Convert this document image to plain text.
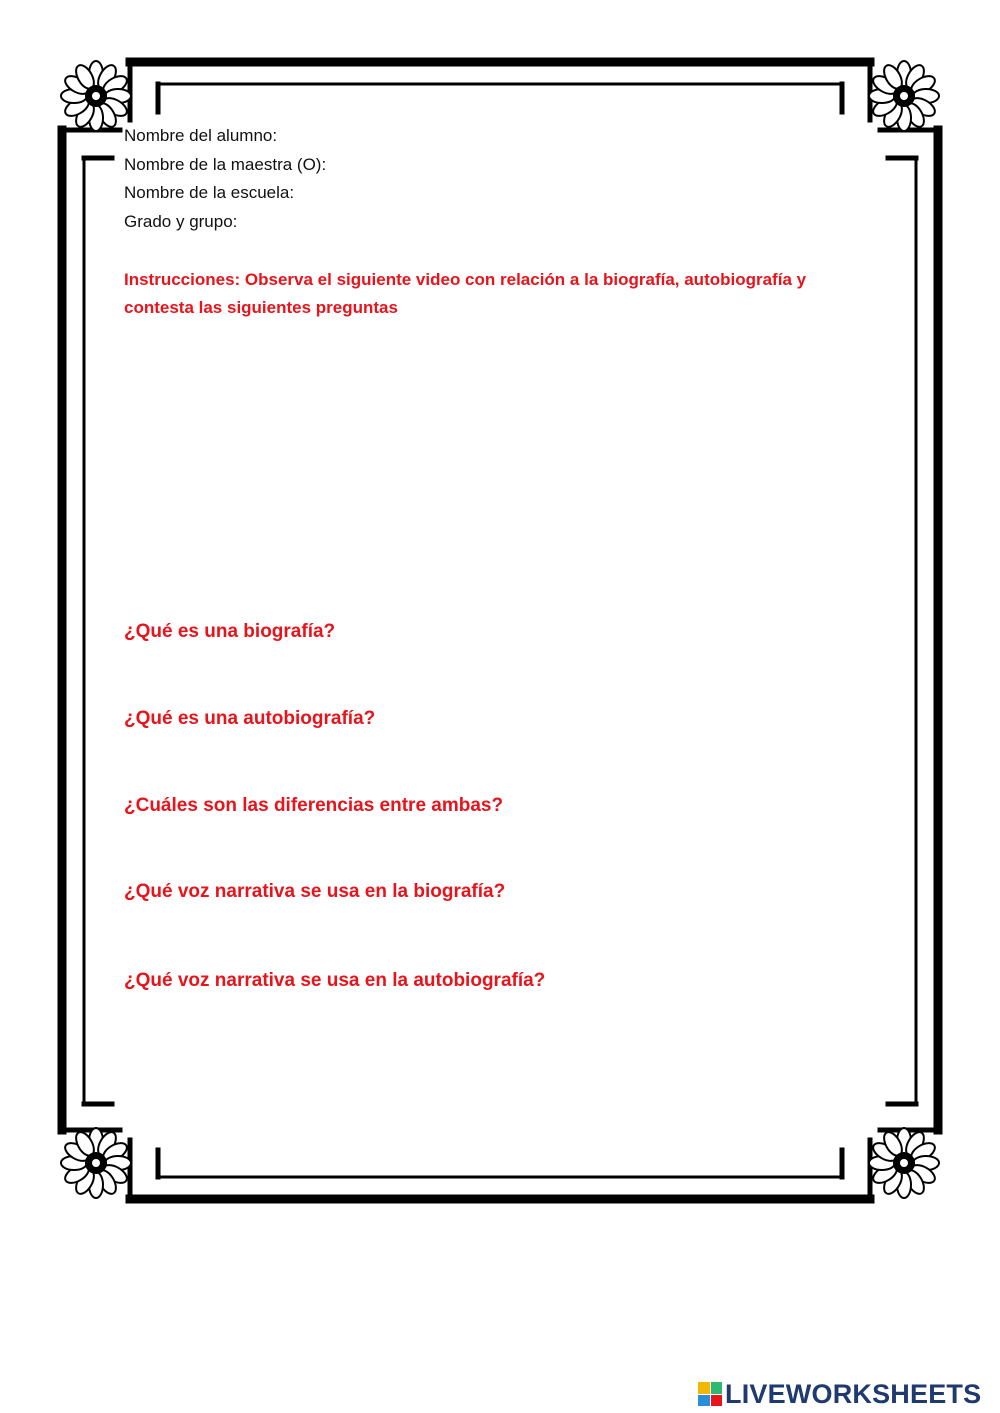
Nombre del alumno:
Nombre de la maestra (O):
Nombre de la escuela:
Grado y grupo:
Instrucciones: Observa el siguiente video con relación a la biografía, autobiografía y contesta las siguientes preguntas
¿Qué es una biografía?
¿Qué es una autobiografía?
¿Cuáles son las diferencias entre ambas?
¿Qué voz narrativa se usa en la biografía?
¿Qué voz narrativa se usa en la autobiografía?
LIVEWORKSHEETS
